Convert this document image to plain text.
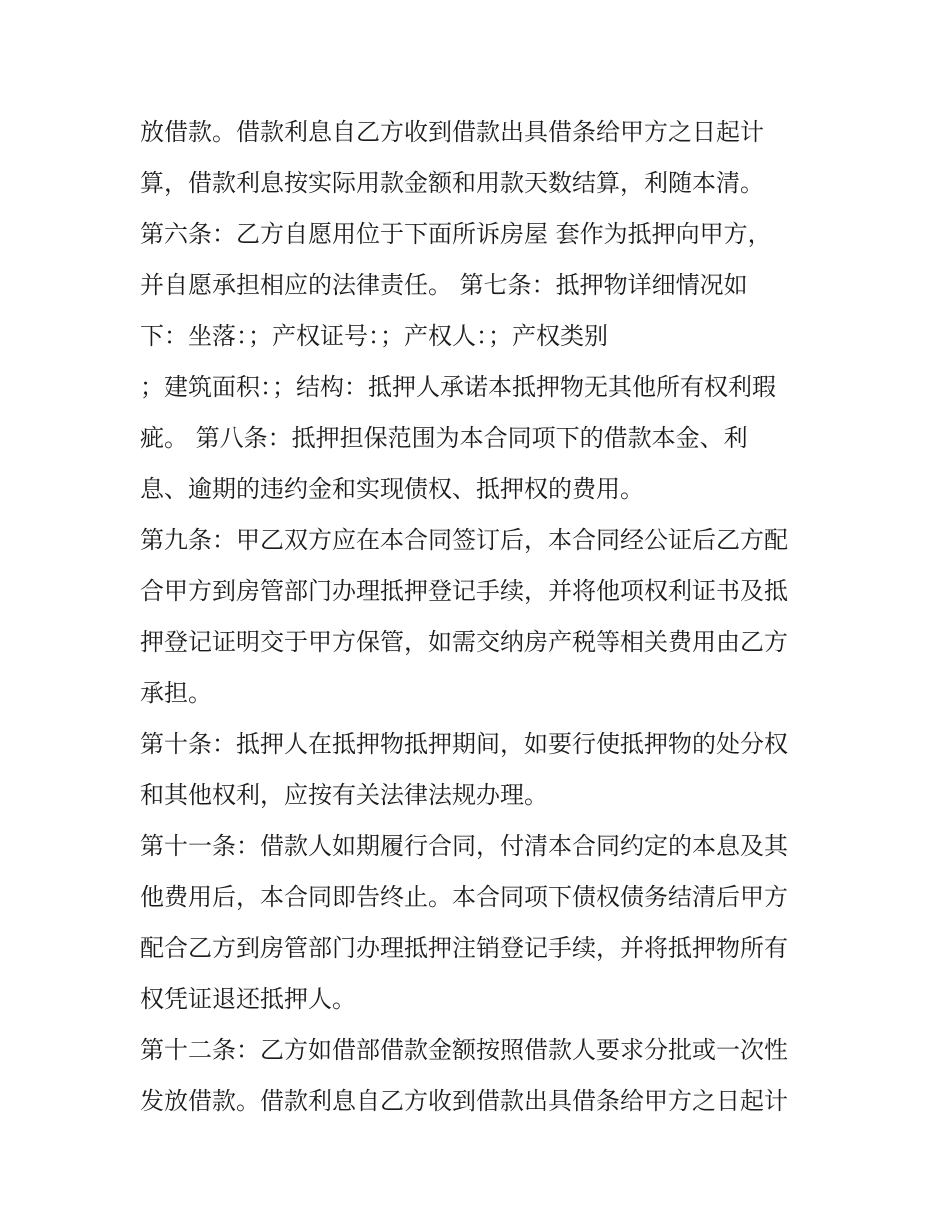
放借款。借款利息自乙方收到借款出具借条给甲方之日起计
算，借款利息按实际用款金额和用款天数结算，利随本清。
第六条：乙方自愿用位于下面所诉房屋 套作为抵押向甲方，
并自愿承担相应的法律责任。 第七条：抵押物详细情况如
下：坐落：；产权证号：；产权人：；产权类别
；建筑面积：；结构：抵押人承诺本抵押物无其他所有权利瑕
疵。 第八条：抵押担保范围为本合同项下的借款本金、利
息、逾期的违约金和实现债权、抵押权的费用。
第九条：甲乙双方应在本合同签订后，本合同经公证后乙方配
合甲方到房管部门办理抵押登记手续，并将他项权利证书及抵
押登记证明交于甲方保管，如需交纳房产税等相关费用由乙方
承担。
第十条：抵押人在抵押物抵押期间，如要行使抵押物的处分权
和其他权利，应按有关法律法规办理。
第十一条：借款人如期履行合同，付清本合同约定的本息及其
他费用后，本合同即告终止。本合同项下债权债务结清后甲方
配合乙方到房管部门办理抵押注销登记手续，并将抵押物所有
权凭证退还抵押人。
第十二条：乙方如借部借款金额按照借款人要求分批或一次性
发放借款。借款利息自乙方收到借款出具借条给甲方之日起计
